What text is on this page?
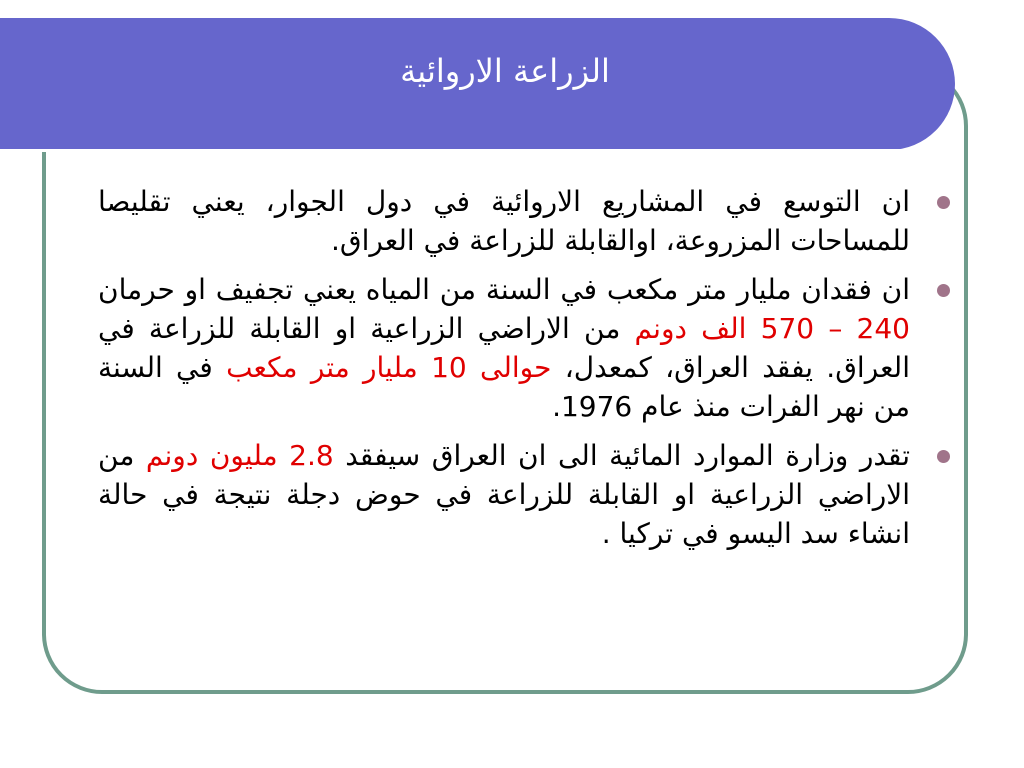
الزراعة الاروائية
ان التوسع في المشاريع الاروائية في دول الجوار، يعني تقليصا للمساحات المزروعة، اوالقابلة للزراعة في العراق.
ان فقدان مليار متر مكعب في السنة من المياه يعني تجفيف او حرمان 240 – 570 الف دونم من الاراضي الزراعية او القابلة للزراعة في العراق. يفقد العراق، كمعدل، حوالى 10 مليار متر مكعب في السنة من نهر الفرات منذ عام 1976.
تقدر وزارة الموارد المائية الى ان العراق سيفقد 2.8 مليون دونم من الاراضي الزراعية او القابلة للزراعة في حوض دجلة نتيجة في حالة انشاء سد اليسو في تركيا .
